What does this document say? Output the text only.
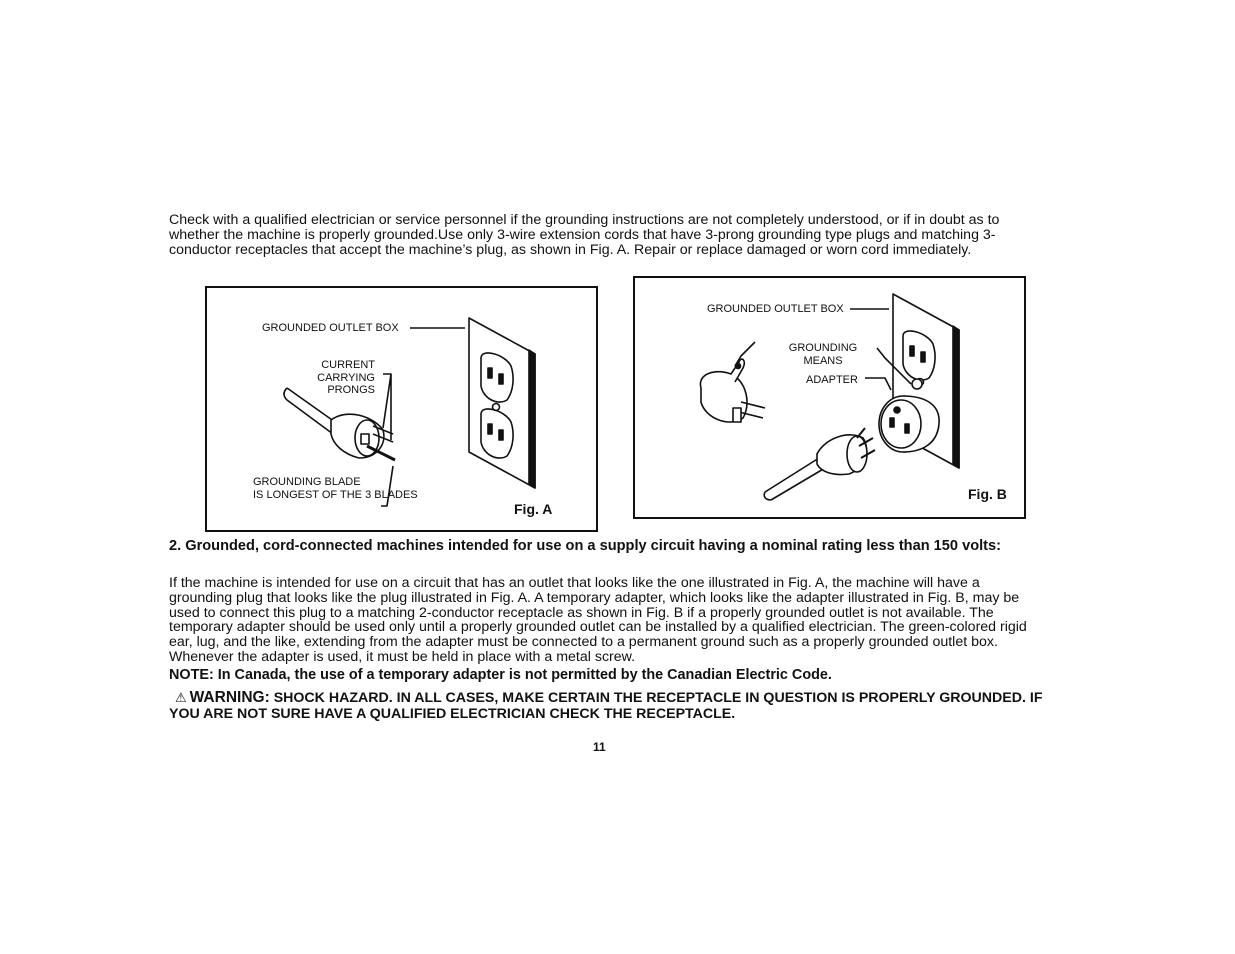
Check with a qualified electrician or service personnel if the grounding instructions are not completely understood, or if in doubt as to whether the machine is properly grounded.Use only 3-wire extension cords that have 3-prong grounding type plugs and matching 3-conductor receptacles that accept the machine’s plug, as shown in Fig. A. Repair or replace damaged or worn cord immediately.

GROUNDED OUTLET BOX
CURRENT
CARRYING
PRONGS
GROUNDING BLADE
IS LONGEST OF THE 3 BLADES
Fig. A
GROUNDED OUTLET BOX
GROUNDING
MEANS
ADAPTER
Fig. B

2. Grounded, cord-connected machines intended for use on a supply circuit having a nominal rating less than 150 volts:

If the machine is intended for use on a circuit that has an outlet that looks like the one illustrated in Fig. A, the machine will have a grounding plug that looks like the plug illustrated in Fig. A. A temporary adapter, which looks like the adapter illustrated in Fig. B, may be used to connect this plug to a matching 2-conductor receptacle as shown in Fig. B if a properly grounded outlet is not available. The temporary adapter should be used only until a properly grounded outlet can be installed by a qualified electrician. The green-colored rigid ear, lug, and the like, extending from the adapter must be connected to a permanent ground such as a properly grounded outlet box. Whenever the adapter is used, it must be held in place with a metal screw.

NOTE: In Canada, the use of a temporary adapter is not permitted by the Canadian Electric Code.

⚠ WARNING: SHOCK HAZARD. IN ALL CASES, MAKE CERTAIN THE RECEPTACLE IN QUESTION IS PROPERLY GROUNDED. IF YOU ARE NOT SURE HAVE A QUALIFIED ELECTRICIAN CHECK THE RECEPTACLE.

11
